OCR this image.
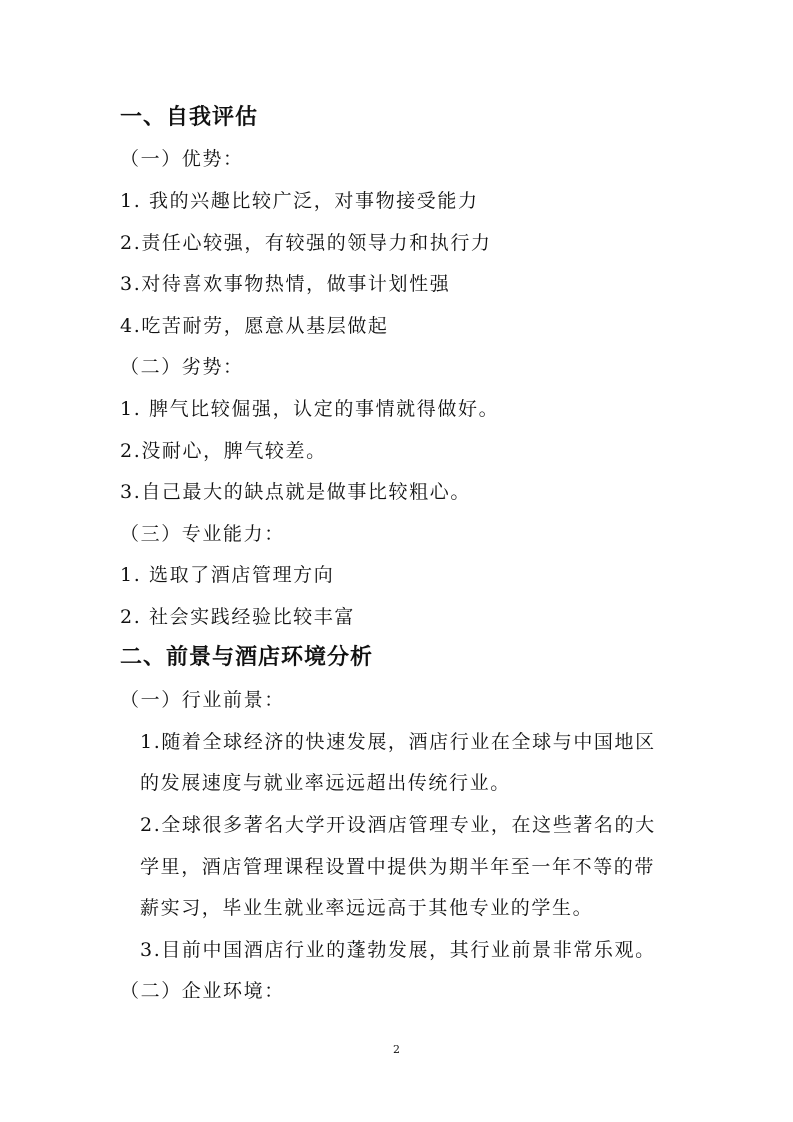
一、自我评估
（一）优势：
1. 我的兴趣比较广泛，对事物接受能力
2.责任心较强，有较强的领导力和执行力
3.对待喜欢事物热情，做事计划性强
4.吃苦耐劳，愿意从基层做起
（二）劣势：
1. 脾气比较倔强，认定的事情就得做好。
2.没耐心，脾气较差。
3.自己最大的缺点就是做事比较粗心。
（三）专业能力：
1. 选取了酒店管理方向
2. 社会实践经验比较丰富
二、前景与酒店环境分析
（一）行业前景：
1.随着全球经济的快速发展，酒店行业在全球与中国地区
的发展速度与就业率远远超出传统行业。
2.全球很多著名大学开设酒店管理专业，在这些著名的大
学里，酒店管理课程设置中提供为期半年至一年不等的带
薪实习，毕业生就业率远远高于其他专业的学生。
3.目前中国酒店行业的蓬勃发展，其行业前景非常乐观。
（二）企业环境：
2
